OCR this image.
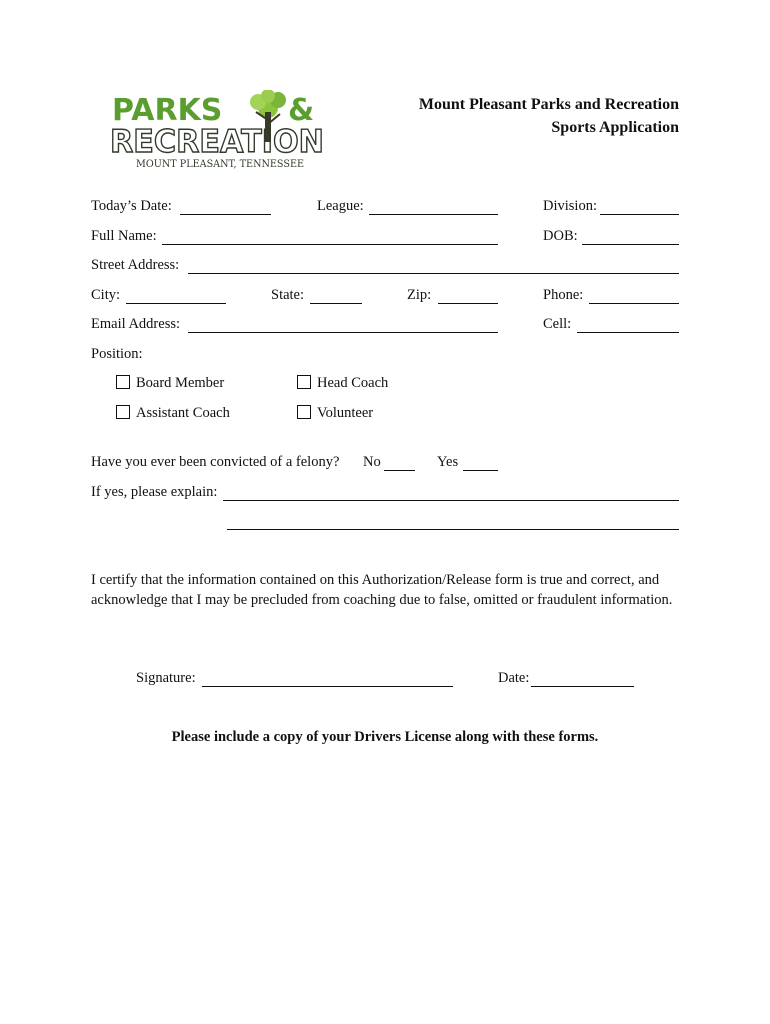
PARKS &
RECREATION
MOUNT PLEASANT, TENNESSEE
Mount Pleasant Parks and Recreation
Sports Application
Today’s Date:	League:	Division:
Full Name:	DOB:
Street Address:
City:	State:	Zip:	Phone:
Email Address:	Cell:
Position:
Board Member	Head Coach
Assistant Coach	Volunteer
Have you ever been convicted of a felony? No	Yes
If yes, please explain:
I certify that the information contained on this Authorization/Release form is true and correct, and acknowledge that I may be precluded from coaching due to false, omitted or fraudulent information.
Signature:	Date:
Please include a copy of your Drivers License along with these forms.
